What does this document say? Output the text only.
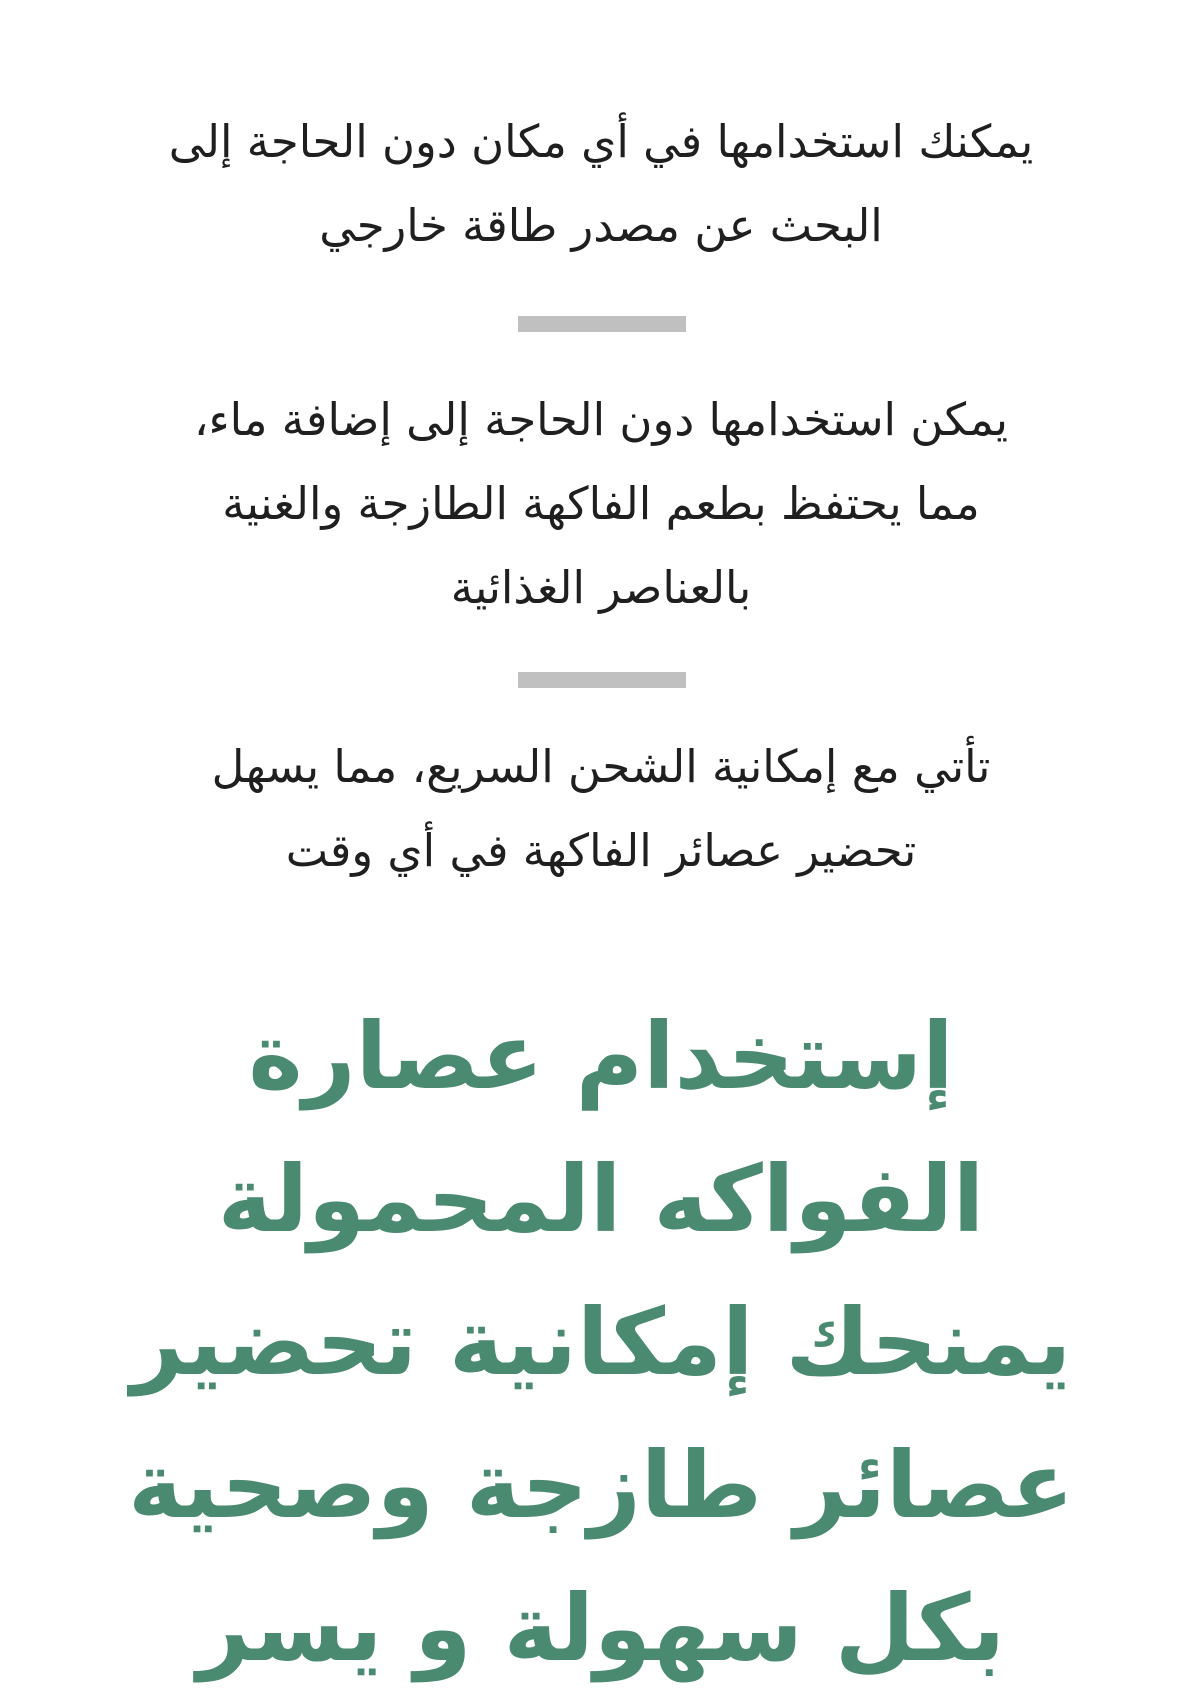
يمكنك استخدامها في أي مكان دون الحاجة إلى
البحث عن مصدر طاقة خارجي

يمكن استخدامها دون الحاجة إلى إضافة ماء،
مما يحتفظ بطعم الفاكهة الطازجة والغنية
بالعناصر الغذائية

تأتي مع إمكانية الشحن السريع، مما يسهل
تحضير عصائر الفاكهة في أي وقت

إستخدام عصارة
الفواكه المحمولة
يمنحك إمكانية تحضير
عصائر طازجة وصحية
بكل سهولة و يسر
